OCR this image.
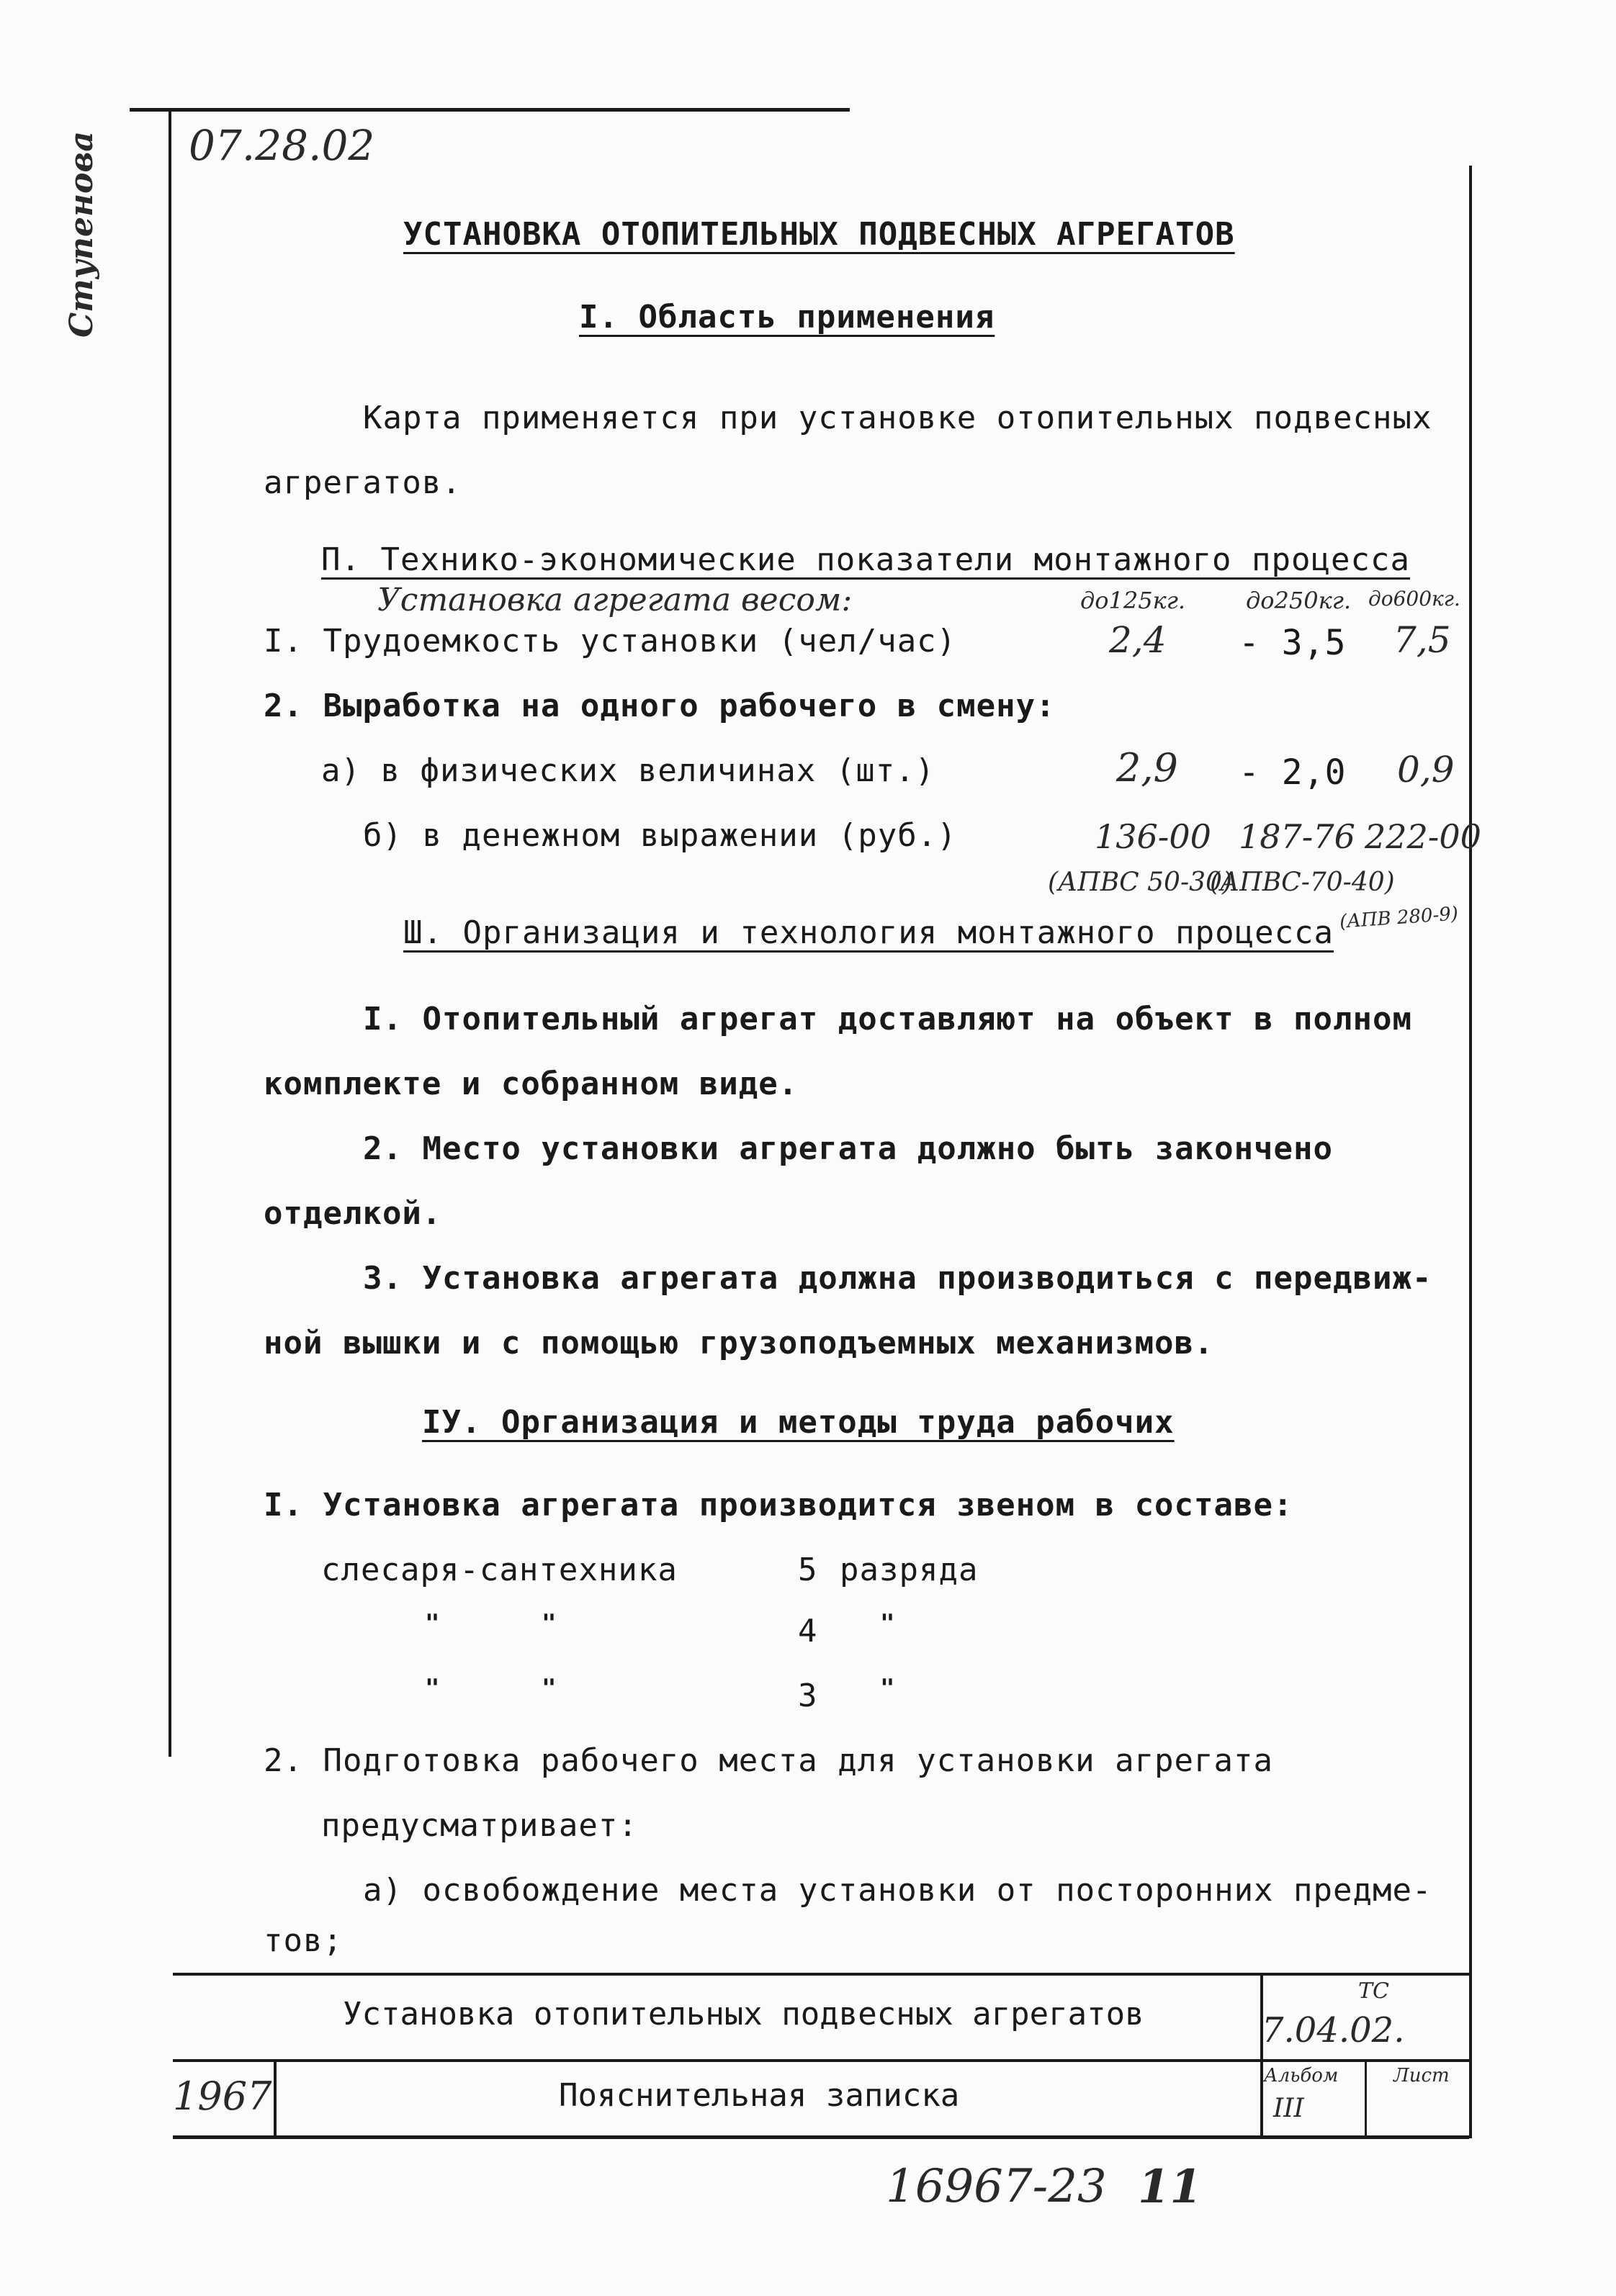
Ступенова 07.28.02
УСТАНОВКА ОТОПИТЕЛЬНЫХ ПОДВЕСНЫХ АГРЕГАТОВ
I. Область применения
Карта применяется при установке отопительных подвесных
агрегатов.
П. Технико-экономические показатели монтажного процесса
Установка агрегата весом:	до125кг.	до250кг. до600кг.
I. Трудоемкость установки (чел/час)	2,4 - 3,5 7,5
2. Выработка на одного рабочего в смену:
а) в физических величинах (шт.)	2,9 - 2,0 0,9
б) в денежном выражении (руб.)	136-00 187-76 222-00
(АПВС 50-30)
(АПВС-70-40)
(АПВ 280-9)
Ш. Организация и технология монтажного процесса
I. Отопительный агрегат доставляют на объект в полном
комплекте и собранном виде.
2. Место установки агрегата должно быть закончено
отделкой.
3. Установка агрегата должна производиться с передвиж-
ной вышки и с помощью грузоподъемных механизмов.
IУ. Организация и методы труда рабочих
I. Установка агрегата производится звеном в составе:
слесаря-сантехника	5 разряда
"	"	4	"
"	"	3	"
2. Подготовка рабочего места для установки агрегата
предусматривает:
а) освобождение места установки от посторонних предме-
тов;
Установка отопительных подвесных агрегатов
Пояснительная записка
1967
ТС
7.04.02.
Альбом
III
Лист
16967-23 11
